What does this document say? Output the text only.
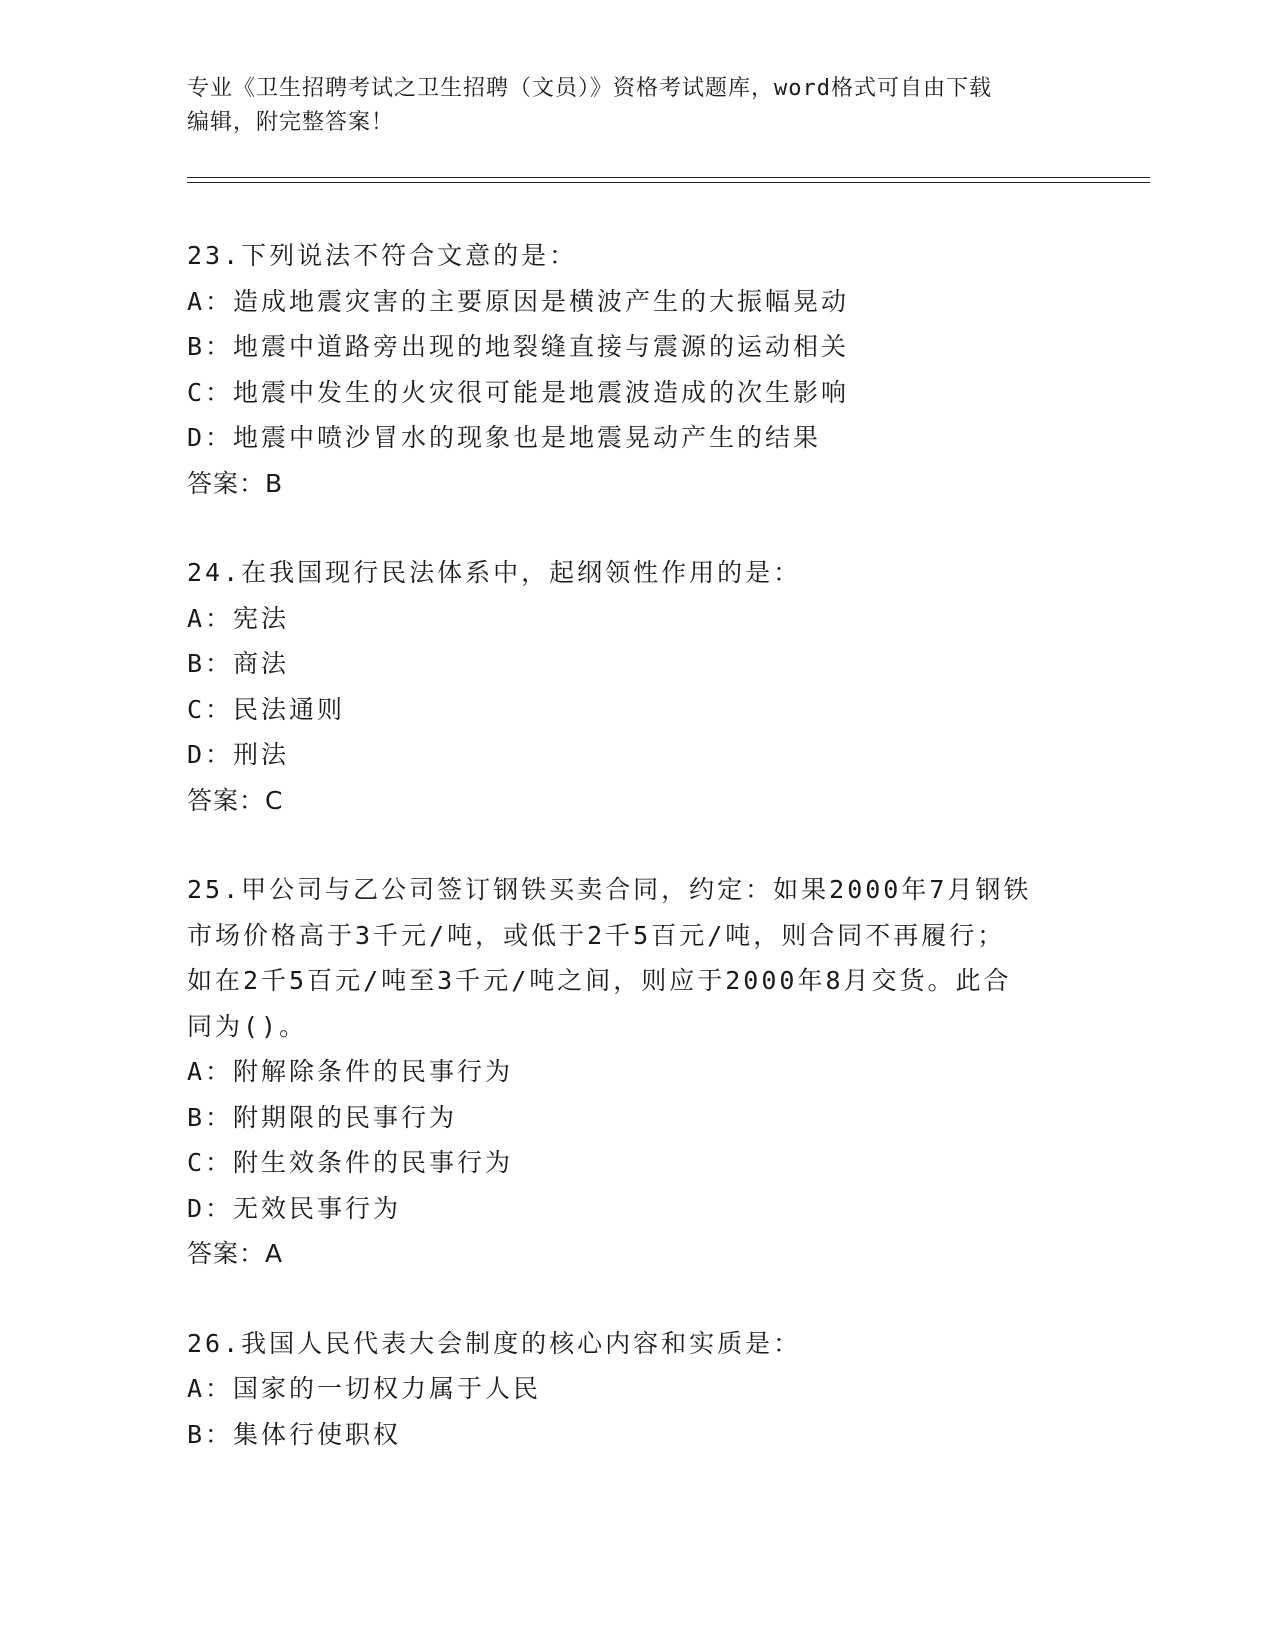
专业《卫生招聘考试之卫生招聘（文员）》资格考试题库，word格式可自由下载
编辑，附完整答案！
23.下列说法不符合文意的是：
A：造成地震灾害的主要原因是横波产生的大振幅晃动
B：地震中道路旁出现的地裂缝直接与震源的运动相关
C：地震中发生的火灾很可能是地震波造成的次生影响
D：地震中喷沙冒水的现象也是地震晃动产生的结果
答案：B
24.在我国现行民法体系中，起纲领性作用的是：
A：宪法
B：商法
C：民法通则
D：刑法
答案：C
25.甲公司与乙公司签订钢铁买卖合同，约定：如果2000年7月钢铁
市场价格高于3千元/吨，或低于2千5百元/吨，则合同不再履行；
如在2千5百元/吨至3千元/吨之间，则应于2000年8月交货。此合
同为()。
A：附解除条件的民事行为
B：附期限的民事行为
C：附生效条件的民事行为
D：无效民事行为
答案：A
26.我国人民代表大会制度的核心内容和实质是：
A：国家的一切权力属于人民
B：集体行使职权
